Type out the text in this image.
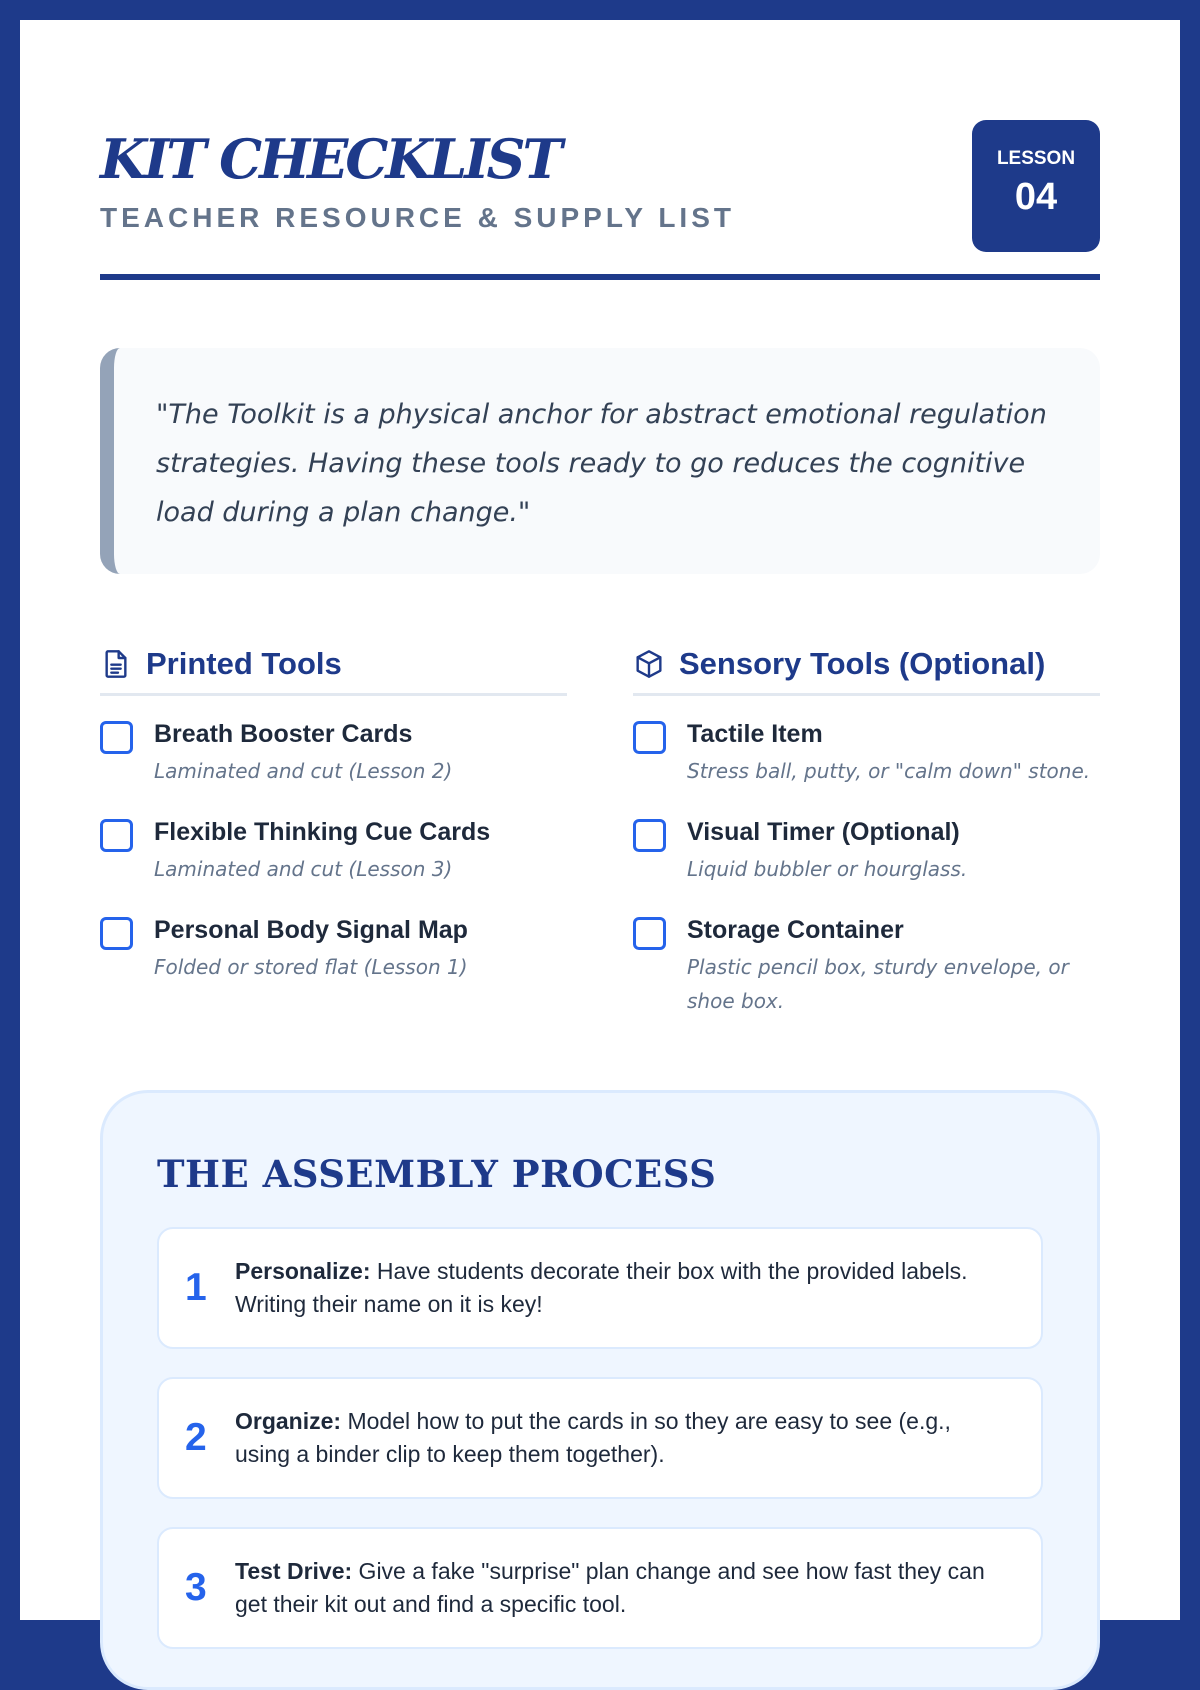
KIT CHECKLIST
TEACHER RESOURCE & SUPPLY LIST
LESSON
04

"The Toolkit is a physical anchor for abstract emotional regulation strategies. Having these tools ready to go reduces the cognitive load during a plan change."

Printed Tools
Breath Booster Cards
Laminated and cut (Lesson 2)
Flexible Thinking Cue Cards
Laminated and cut (Lesson 3)
Personal Body Signal Map
Folded or stored flat (Lesson 1)
Sensory Tools (Optional)
Tactile Item
Stress ball, putty, or "calm down" stone.
Visual Timer (Optional)
Liquid bubbler or hourglass.
Storage Container
Plastic pencil box, sturdy envelope, or shoe box.
THE ASSEMBLY PROCESS
1	Personalize: Have students decorate their box with the provided labels. Writing their name on it is key!
2	Organize: Model how to put the cards in so they are easy to see (e.g., using a binder clip to keep them together).
3	Test Drive: Give a fake "surprise" plan change and see how fast they can get their kit out and find a specific tool.
